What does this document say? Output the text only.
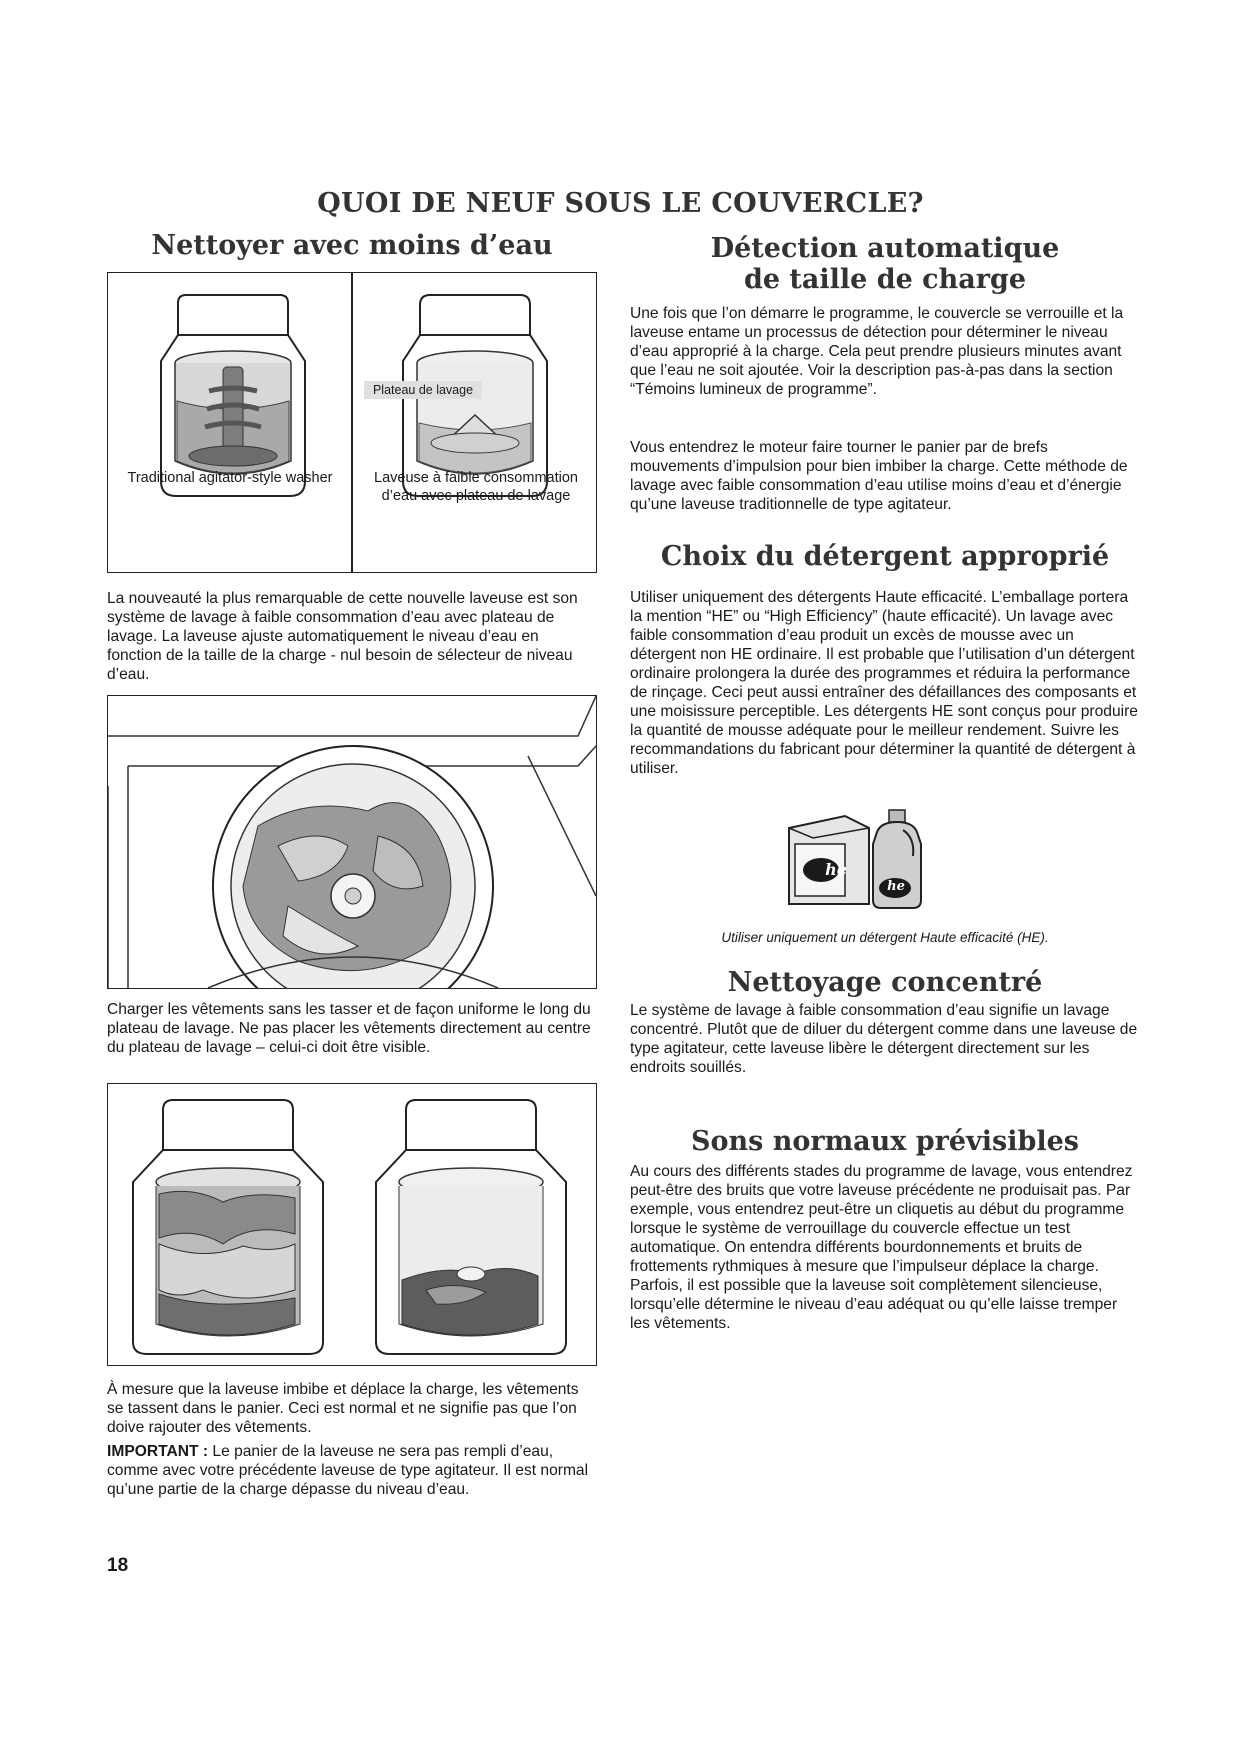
QUOI DE NEUF SOUS LE COUVERCLE?
Nettoyer avec moins d’eau
Traditional agitator-style washer
Plateau de lavage
Laveuse à faible consommation d’eau avec plateau de lavage

La nouveauté la plus remarquable de cette nouvelle laveuse est son système de lavage à faible consommation d’eau avec plateau de lavage. La laveuse ajuste automatiquement le niveau d’eau en fonction de la taille de la charge - nul besoin de sélecteur de niveau d’eau.

Charger les vêtements sans les tasser et de façon uniforme le long du plateau de lavage. Ne pas placer les vêtements directement au centre du plateau de lavage – celui-ci doit être visible.

À mesure que la laveuse imbibe et déplace la charge, les vêtements se tassent dans le panier. Ceci est normal et ne signifie pas que l’on doive rajouter des vêtements.

IMPORTANT : Le panier de la laveuse ne sera pas rempli d’eau, comme avec votre précédente laveuse de type agitateur. Il est normal qu’une partie de la charge dépasse du niveau d’eau.

18
Détection automatique
de taille de charge

Une fois que l’on démarre le programme, le couvercle se verrouille et la laveuse entame un processus de détection pour déterminer le niveau d’eau approprié à la charge. Cela peut prendre plusieurs minutes avant que l’eau ne soit ajoutée. Voir la description pas-à-pas dans la section “Témoins lumineux de programme”.

Vous entendrez le moteur faire tourner le panier par de brefs mouvements d’impulsion pour bien imbiber la charge. Cette méthode de lavage avec faible consommation d’eau utilise moins d’eau et d’énergie qu’une laveuse traditionnelle de type agitateur.

Choix du détergent approprié

Utiliser uniquement des détergents Haute efficacité. L’emballage portera la mention “HE” ou “High Efficiency” (haute efficacité). Un lavage avec faible consommation d’eau produit un excès de mousse avec un détergent non HE ordinaire. Il est probable que l’utilisation d’un détergent ordinaire prolongera la durée des programmes et réduira la performance de rinçage. Ceci peut aussi entraîner des défaillances des composants et une moisissure perceptible. Les détergents HE sont conçus pour produire la quantité de mousse adéquate pour le meilleur rendement. Suivre les recommandations du fabricant pour déterminer la quantité de détergent à utiliser.

he
he
Utiliser uniquement un détergent Haute efficacité (HE).
Nettoyage concentré

Le système de lavage à faible consommation d’eau signifie un lavage concentré. Plutôt que de diluer du détergent comme dans une laveuse de type agitateur, cette laveuse libère le détergent directement sur les endroits souillés.

Sons normaux prévisibles

Au cours des différents stades du programme de lavage, vous entendrez peut-être des bruits que votre laveuse précédente ne produisait pas. Par exemple, vous entendrez peut-être un cliquetis au début du programme lorsque le système de verrouillage du couvercle effectue un test automatique. On entendra différents bourdonnements et bruits de frottements rythmiques à mesure que l’impulseur déplace la charge. Parfois, il est possible que la laveuse soit complètement silencieuse, lorsqu’elle détermine le niveau d’eau adéquat ou qu’elle laisse tremper les vêtements.
